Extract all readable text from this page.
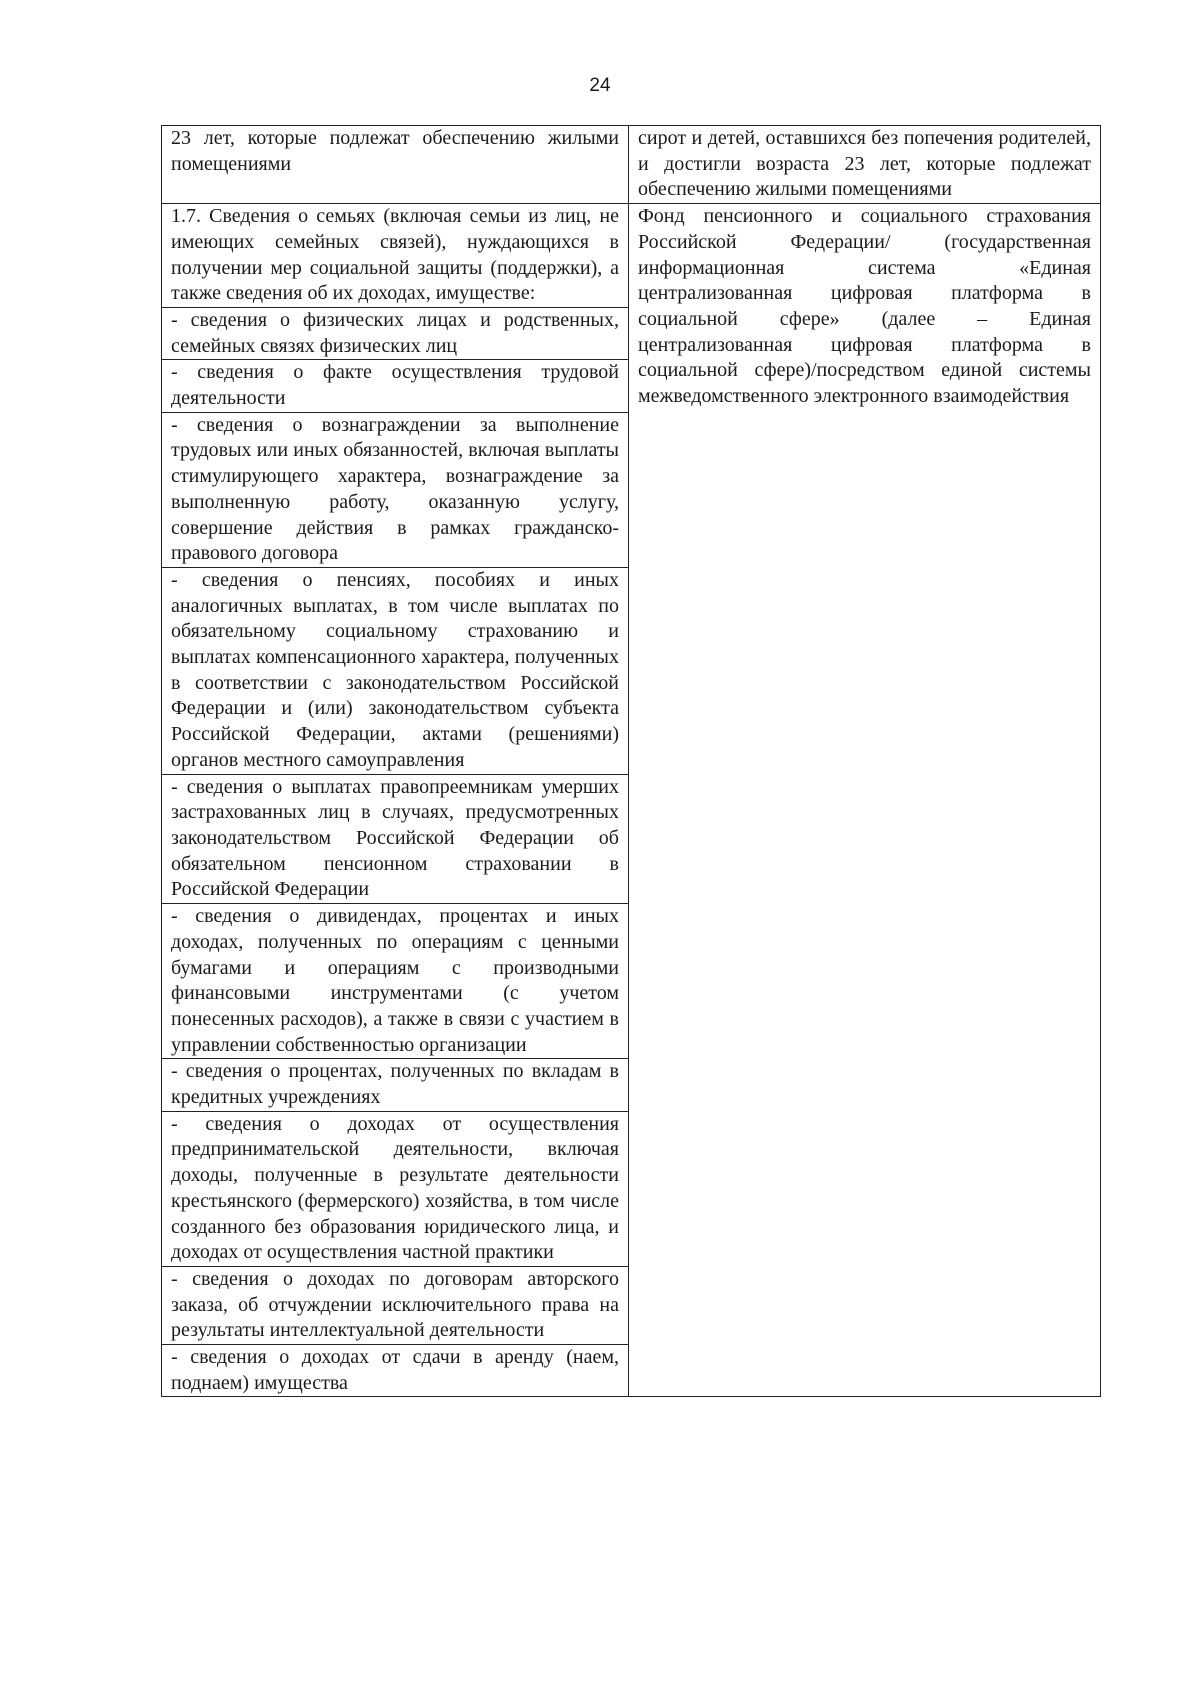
24
23 лет, которые подлежат обеспечению жилыми помещениями	сирот и детей, оставшихся без попечения родителей, и достигли возраста 23 лет, которые подлежат обеспечению жилыми помещениями

1.7. Сведения о семьях (включая семьи из лиц, не имеющих семейных связей), нуждающихся в получении мер социальной защиты (поддержки), а также сведения об их доходах, имуществе:	Фонд пенсионного и социального страхования Российской Федерации/ (государственная информационная система «Единая централизованная цифровая платформа в социальной сфере» (далее – Единая централизованная цифровая платформа в социальной сфере)/посредством единой системы межведомственного электронного взаимодействия

- сведения о физических лицах и родственных, семейных связях физических лиц	

- сведения о факте осуществления трудовой деятельности	

- сведения о вознаграждении за выполнение трудовых или иных обязанностей, включая выплаты стимулирующего характера, вознаграждение за выполненную работу, оказанную услугу, совершение действия в рамках гражданско-правового договора	

- сведения о пенсиях, пособиях и иных аналогичных выплатах, в том числе выплатах по обязательному социальному страхованию и выплатах компенсационного характера, полученных в соответствии с законодательством Российской Федерации и (или) законодательством субъекта Российской Федерации, актами (решениями) органов местного самоуправления	

- сведения о выплатах правопреемникам умерших застрахованных лиц в случаях, предусмотренных законодательством Российской Федерации об обязательном пенсионном страховании в Российской Федерации	

- сведения о дивидендах, процентах и иных доходах, полученных по операциям с ценными бумагами и операциям с производными финансовыми инструментами (с учетом понесенных расходов), а также в связи с участием в управлении собственностью организации	

- сведения о процентах, полученных по вкладам в кредитных учреждениях	

- сведения о доходах от осуществления предпринимательской деятельности, включая доходы, полученные в результате деятельности крестьянского (фермерского) хозяйства, в том числе созданного без образования юридического лица, и доходах от осуществления частной практики	

- сведения о доходах по договорам авторского заказа, об отчуждении исключительного права на результаты интеллектуальной деятельности	

- сведения о доходах от сдачи в аренду (наем, поднаем) имущества	
